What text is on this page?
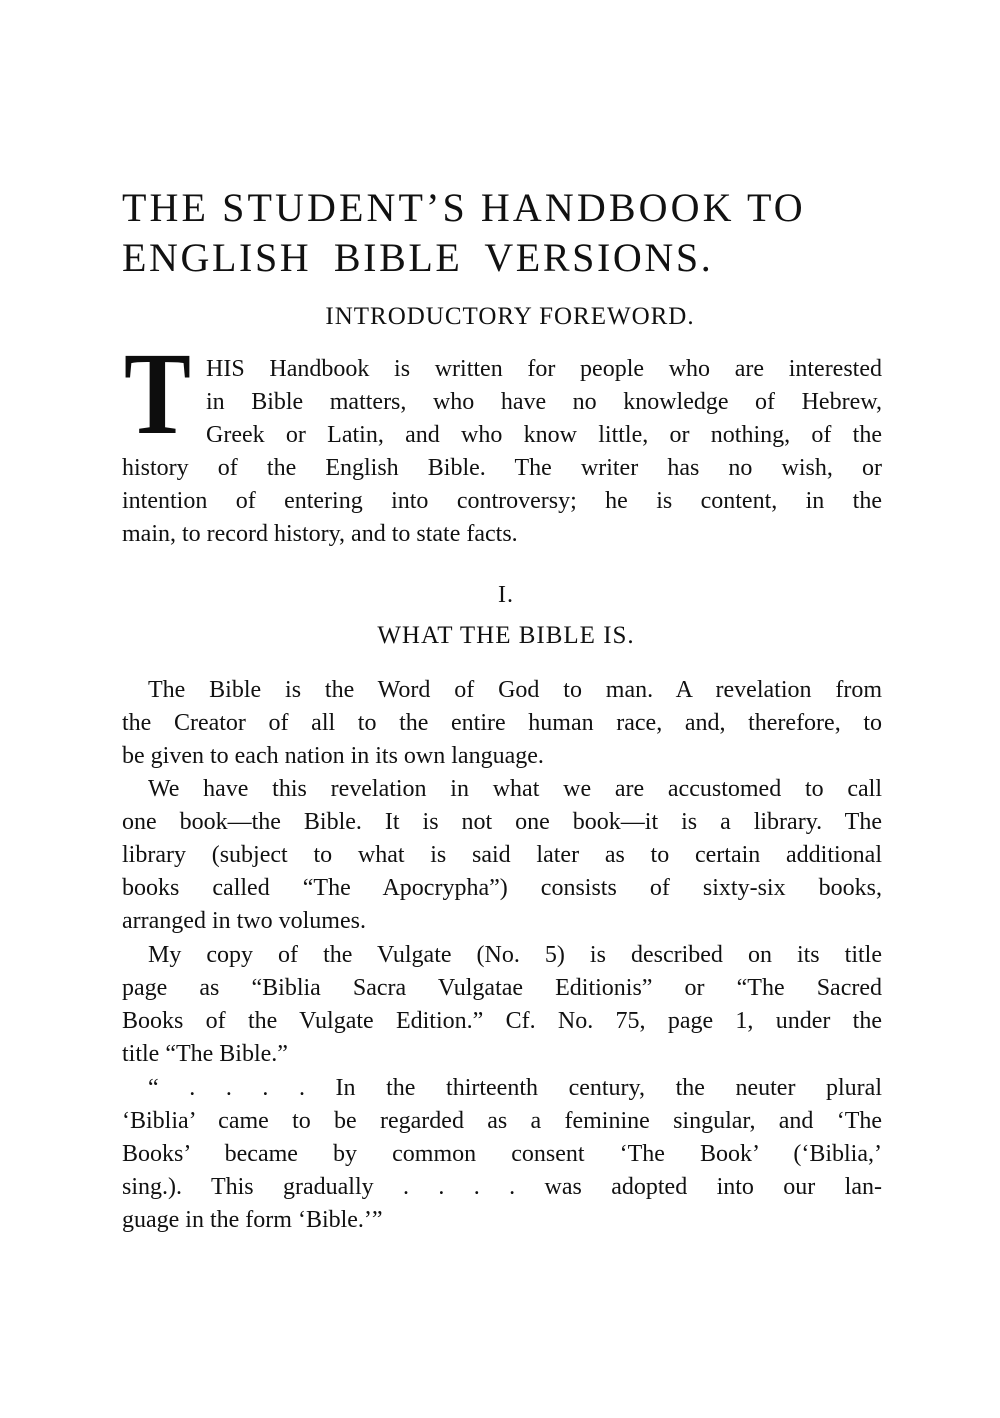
THE STUDENT’S HANDBOOK TO
ENGLISH BIBLE VERSIONS.
INTRODUCTORY FOREWORD.
T HIS Handbook is written for people who are interested
in Bible matters, who have no knowledge of Hebrew,
Greek or Latin, and who know little, or nothing, of the
history of the English Bible. The writer has no wish, or
intention of entering into controversy; he is content, in the
main, to record history, and to state facts.
I.
WHAT THE BIBLE IS.
The Bible is the Word of God to man. A revelation from
the Creator of all to the entire human race, and, therefore, to
be given to each nation in its own language.
We have this revelation in what we are accustomed to call
one book—the Bible. It is not one book—it is a library. The
library (subject to what is said later as to certain additional
books called “The Apocrypha”) consists of sixty-six books,
arranged in two volumes.
My copy of the Vulgate (No. 5) is described on its title
page as “Biblia Sacra Vulgatae Editionis” or “The Sacred
Books of the Vulgate Edition.” Cf. No. 75, page 1, under the
title “The Bible.”
“ . . . . In the thirteenth century, the neuter plural
‘Biblia’ came to be regarded as a feminine singular, and ‘The
Books’ became by common consent ‘The Book’ (‘Biblia,’
sing.). This gradually . . . . was adopted into our lan-
guage in the form ‘Bible.’”
